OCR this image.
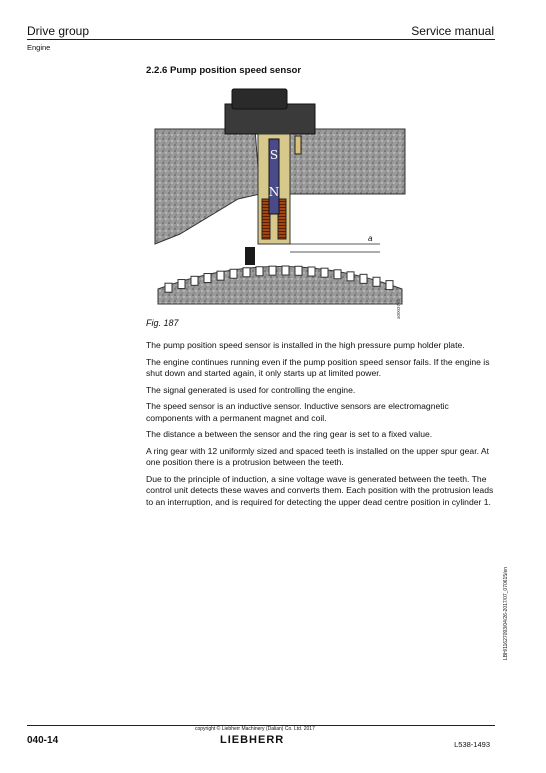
Drive group	Service manual
Engine
2.2.6 Pump position speed sensor
S
N
a
a0003745
Fig. 187

The pump position speed sensor is installed in the high pressure pump holder plate.

The engine continues running even if the pump position speed sensor fails. If the engine is shut down and started again, it only starts up at limited power.

The signal generated is used for controlling the engine.

The speed sensor is an inductive sensor. Inductive sensors are electromagnetic components with a permanent magnet and coil.

The distance a between the sensor and the ring gear is set to a fixed value.

A ring gear with 12 uniformly sized and spaced teeth is installed on the upper spur gear. At one position there is a protrusion between the teeth.

Due to the principle of induction, a sine voltage wave is generated between the teeth. The control unit detects these waves and converts them. Each position with the protrusion leads to an interruption, and is required for detecting the upper dead centre position in cylinder 1.

LBH/11627093/04/26-2017/07_070615/en
040-14
copyright © Liebherr Machinery (Dalian) Co. Ltd. 2017
LIEBHERR	L538-1493
